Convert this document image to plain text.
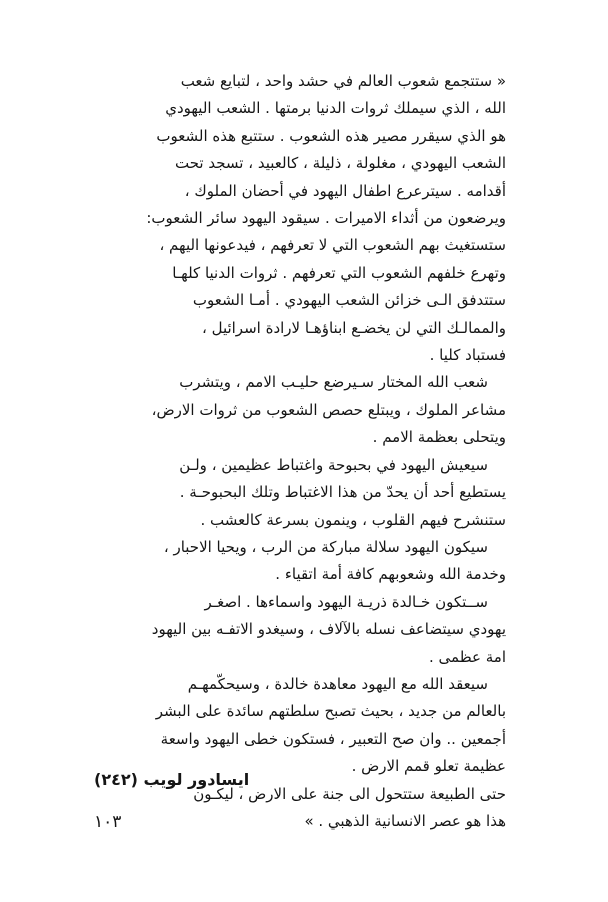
« ستتجمع شعوب العالم في حشد واحد ، لتبايع شعب
الله ، الذي سيملك ثروات الدنيا برمتها . الشعب اليهودي
هو الذي سيقرر مصير هذه الشعوب . ستتبع هذه الشعوب
الشعب اليهودي ، مغلولة ، ذليلة ، كالعبيد ، تسجد تحت
أقدامه . سيترعرع اطفال اليهود في أحضان الملوك ،
ويرضعون من أثداء الاميرات . سيقود اليهود سائر الشعوب:
ستستغيث بهم الشعوب التي لا تعرفهم ، فيدعونها اليهم ،
وتهرع خلفهم الشعوب التي تعرفهم . ثروات الدنيا كلهـا
ستتدفق الـى خزائن الشعب اليهودي . أمـا الشعوب
والممالـك التي لن يخضـع ابناؤهـا لارادة اسرائيل ،
فستباد كليا .
شعب الله المختار سـيرضع حليـب الامم ، ويتشرب
مشاعر الملوك ، ويبتلع حصص الشعوب من ثروات الارض،
ويتحلى بعظمة الامم .
سيعيش اليهود في بحبوحة واغتباط عظيمين ، ولـن
يستطيع أحد أن يحدّ من هذا الاغتباط وتلك البحبوحـة .
ستنشرح فيهم القلوب ، وينمون بسرعة كالعشب .
سيكون اليهود سلالة مباركة من الرب ، ويحيا الاحبار ،
وخدمة الله وشعوبهم كافة أمة اتقياء .
ســتكون خـالدة ذريـة اليهود واسماءها . اصغـر
يهودي سيتضاعف نسله بالآلاف ، وسيغدو الاتفـه بين اليهود
امة عظمى .
سيعقد الله مع اليهود معاهدة خالدة ، وسيحكّمهـم
بالعالم من جديد ، بحيث تصبح سلطتهم سائدة على البشر
أجمعين .. وان صح التعبير ، فستكون خطى اليهود واسعة
عظيمة تعلو قمم الارض .
حتى الطبيعة ستتحول الى جنة على الارض ، ليكـون
هذا هو عصر الانسانية الذهبي . »
ايسادور لويب (٢٤٢)
١٠٣
